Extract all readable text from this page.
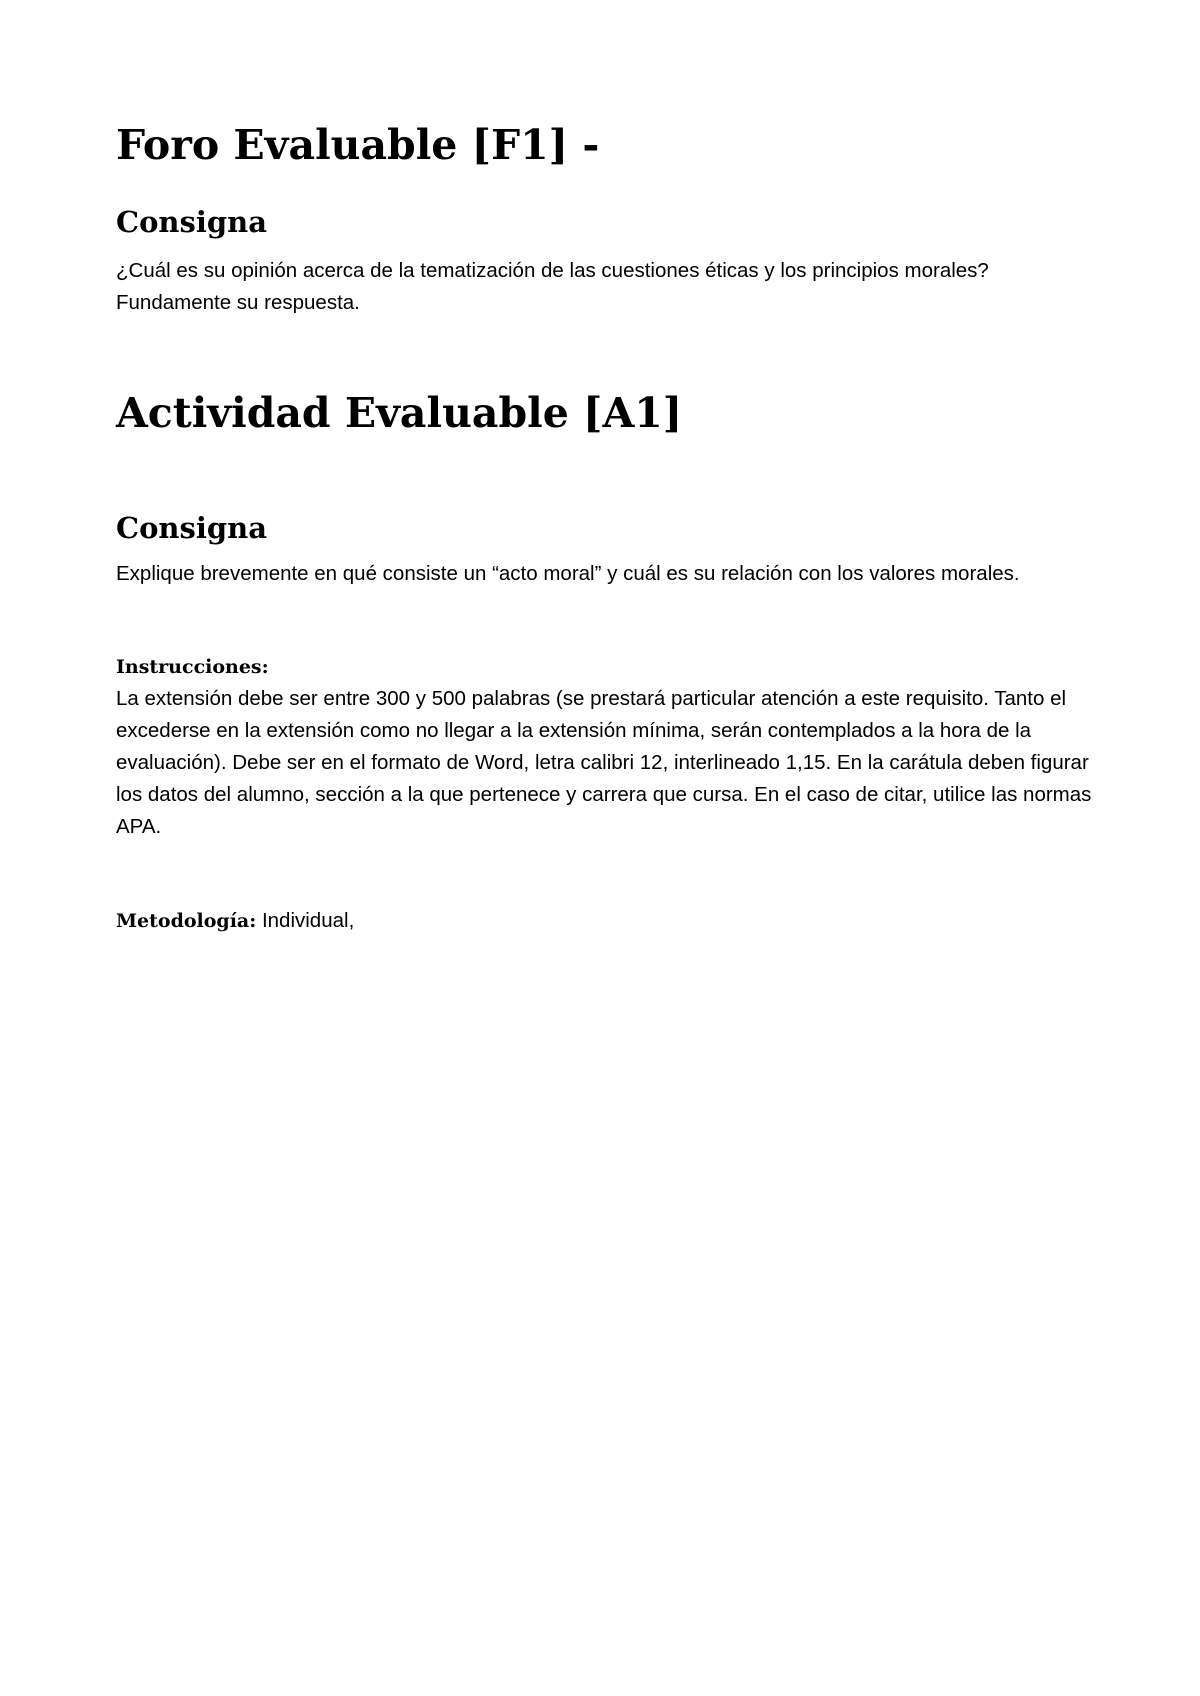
Foro Evaluable [F1] -
Consigna

¿Cuál es su opinión acerca de la tematización de las cuestiones éticas y los principios morales? Fundamente su respuesta.

Actividad Evaluable [A1]
Consigna

Explique brevemente en qué consiste un “acto moral” y cuál es su relación con los valores morales.

Instrucciones:
La extensión debe ser entre 300 y 500 palabras (se prestará particular atención a este requisito. Tanto el excederse en la extensión como no llegar a la extensión mínima, serán contemplados a la hora de la evaluación). Debe ser en el formato de Word, letra calibri 12, interlineado 1,15. En la carátula deben figurar los datos del alumno, sección a la que pertenece y carrera que cursa. En el caso de citar, utilice las normas APA.
Metodología: Individual,
